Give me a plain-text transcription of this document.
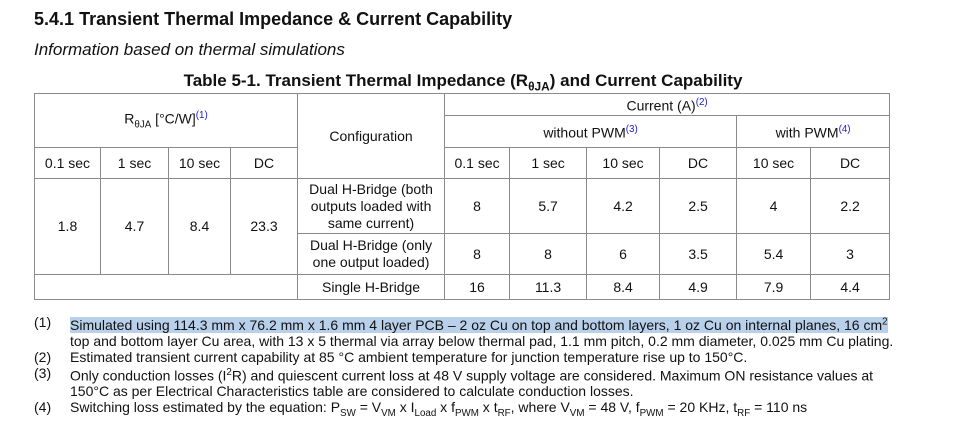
5.4.1 Transient Thermal Impedance & Current Capability
Information based on thermal simulations
Table 5-1. Transient Thermal Impedance $(R_{\theta JA})$ and Current Capability
$R_{\theta JA}$ $[^\circ C/W]^{(1)}$				Configuration	Current $(A)^{(2)}$
					without PWM$^{(3)}$				with PWM$^{(4)}$
0.1 sec	1 sec	10 sec	DC		0.1 sec	1 sec	10 sec	DC	10 sec	DC
1.8	4.7	8.4	23.3	Dual H-Bridge (both outputs loaded with same current)	8	5.7	4.2	2.5	4	2.2
				Dual H-Bridge (only one output loaded)	8	8	6	3.5	5.4	3
				Single H-Bridge	16	11.3	8.4	4.9	7.9	4.4
(1)	Simulated using 114.3 mm x 76.2 mm x 1.6 mm 4 layer PCB – 2 oz Cu on top and bottom layers, 1 oz Cu on internal planes, 16 $cm^2$
top and bottom layer Cu area, with 13 x 5 thermal via array below thermal pad, 1.1 mm pitch, 0.2 mm diameter, 0.025 mm Cu plating.
(2)	Estimated transient current capability at 85 °C ambient temperature for junction temperature rise up to 150°C.
(3)	Only conduction losses $(I^2R)$ and quiescent current loss at 48 V supply voltage are considered. Maximum ON resistance values at 150°C as per Electrical Characteristics table are considered to calculate conduction losses.
(4)	Switching loss estimated by the equation: $P_{SW} = V_{VM}$ x $I_{Load}$ x $f_{PWM}$ x $t_{RF}$, where $V_{VM} = 48$ V, $f_{PWM} = 20$ KHz, $t_{RF} = 110$ ns
